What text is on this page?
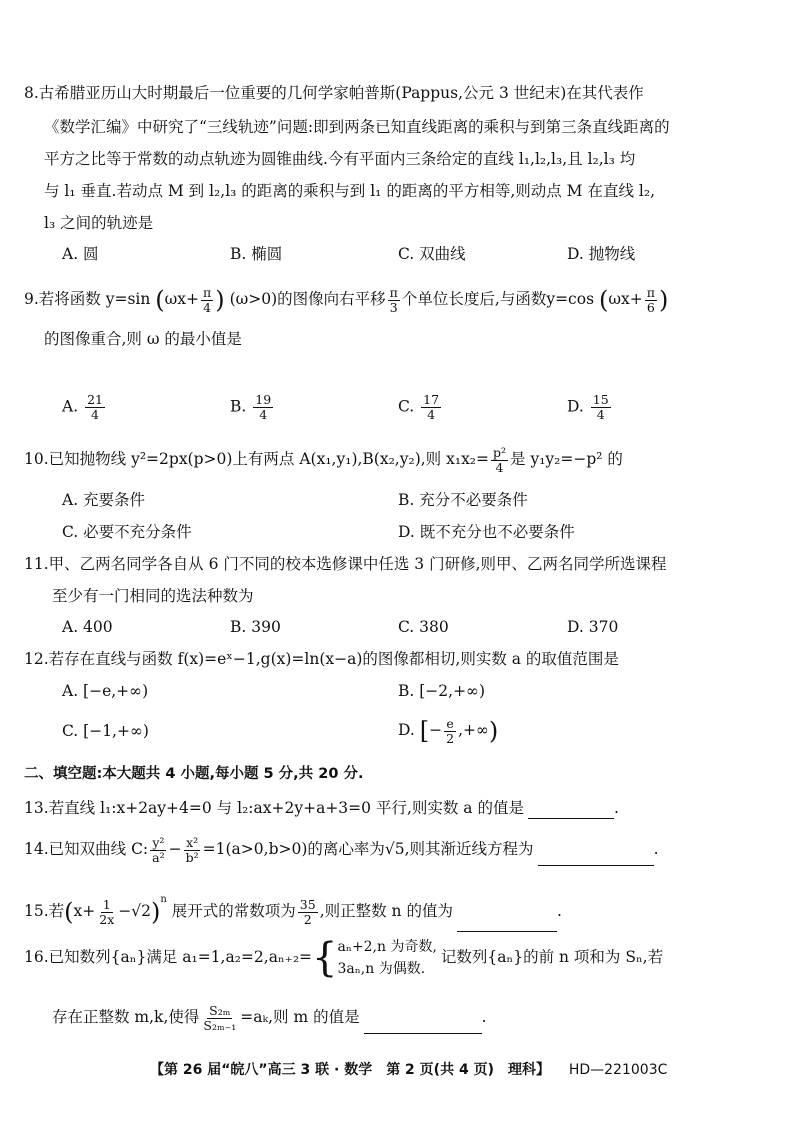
8.古希腊亚历山大时期最后一位重要的几何学家帕普斯(Pappus,公元 3 世纪末)在其代表作
《数学汇编》中研究了“三线轨迹”问题:即到两条已知直线距离的乘积与到第三条直线距离的
平方之比等于常数的动点轨迹为圆锥曲线.今有平面内三条给定的直线 l₁,l₂,l₃,且 l₂,l₃ 均
与 l₁ 垂直.若动点 M 到 l₂,l₃ 的距离的乘积与到 l₁ 的距离的平方相等,则动点 M 在直线 l₂,
l₃ 之间的轨迹是
A. 圆	B. 椭圆	C. 双曲线	D. 抛物线
9.若将函数 y=sin ($\omega x+ \frac{\pi}{4}$ ) (ω>0)的图像向右平移 $\frac{\pi}{3}$ 个单位长度后,与函数y=cos ($\omega x+ \frac{\pi}{6}$ )
的图像重合,则 ω 的最小值是
A. $\frac{21}{4}$	B. $\frac{19}{4}$	C. $\frac{17}{4}$	D. $\frac{15}{4}$
10.已知抛物线 y²=2px(p>0)上有两点 A(x₁,y₁),B(x₂,y₂),则 $x_1x_2= \frac{\text{p²}}{4}$ 是 y₁y₂=−p² 的
A. 充要条件	B. 充分不必要条件
C. 必要不充分条件	D. 既不充分也不必要条件
11.甲、乙两名同学各自从 6 门不同的校本选修课中任选 3 门研修,则甲、乙两名同学所选课程
至少有一门相同的选法种数为
A. 400	B. 390	C. 380	D. 370
12.若存在直线与函数 f(x)=eˣ−1,g(x)=ln(x−a)的图像都相切,则实数 a 的取值范围是
A. [−e,+∞)	B. [−2,+∞)
C. [−1,+∞)	D. [− $\frac{e}{2}$ ,+∞)
二、填空题:本大题共 4 小题,每小题 5 分,共 20 分.
13.若直线 l₁:x+2ay+4=0 与 l₂:ax+2y+a+3=0 平行,则实数 a 的值是	.
14.已知双曲线 C: $\frac{\text{y²}}{\text{a²}} - \frac{\text{x²}}{\text{b²}} =1(a>0,b>0)$的离心率为√5,则其渐近线方程为	.
15.若$(x+ \frac{1}{2x} -√2)^n$ 展开式的常数项为 $\frac{35}{2}$ ,则正整数 n 的值为	.
16.已知数列{aₙ}满足 a₁=1,a₂=2,aₙ₊₂={ aₙ+2,n 为奇数,
3aₙ,n 为偶数.
记数列{aₙ}的前 n 项和为 Sₙ,若
存在正整数 m,k,使得 $\frac{\text{S₂ₘ}}{\text{S₂ₘ₋₁}} =a_k$,则 m 的值是	.
【第 26 届“皖八”高三 3 联 · 数学　第 2 页(共 4 页)　理科】 HD—221003C
